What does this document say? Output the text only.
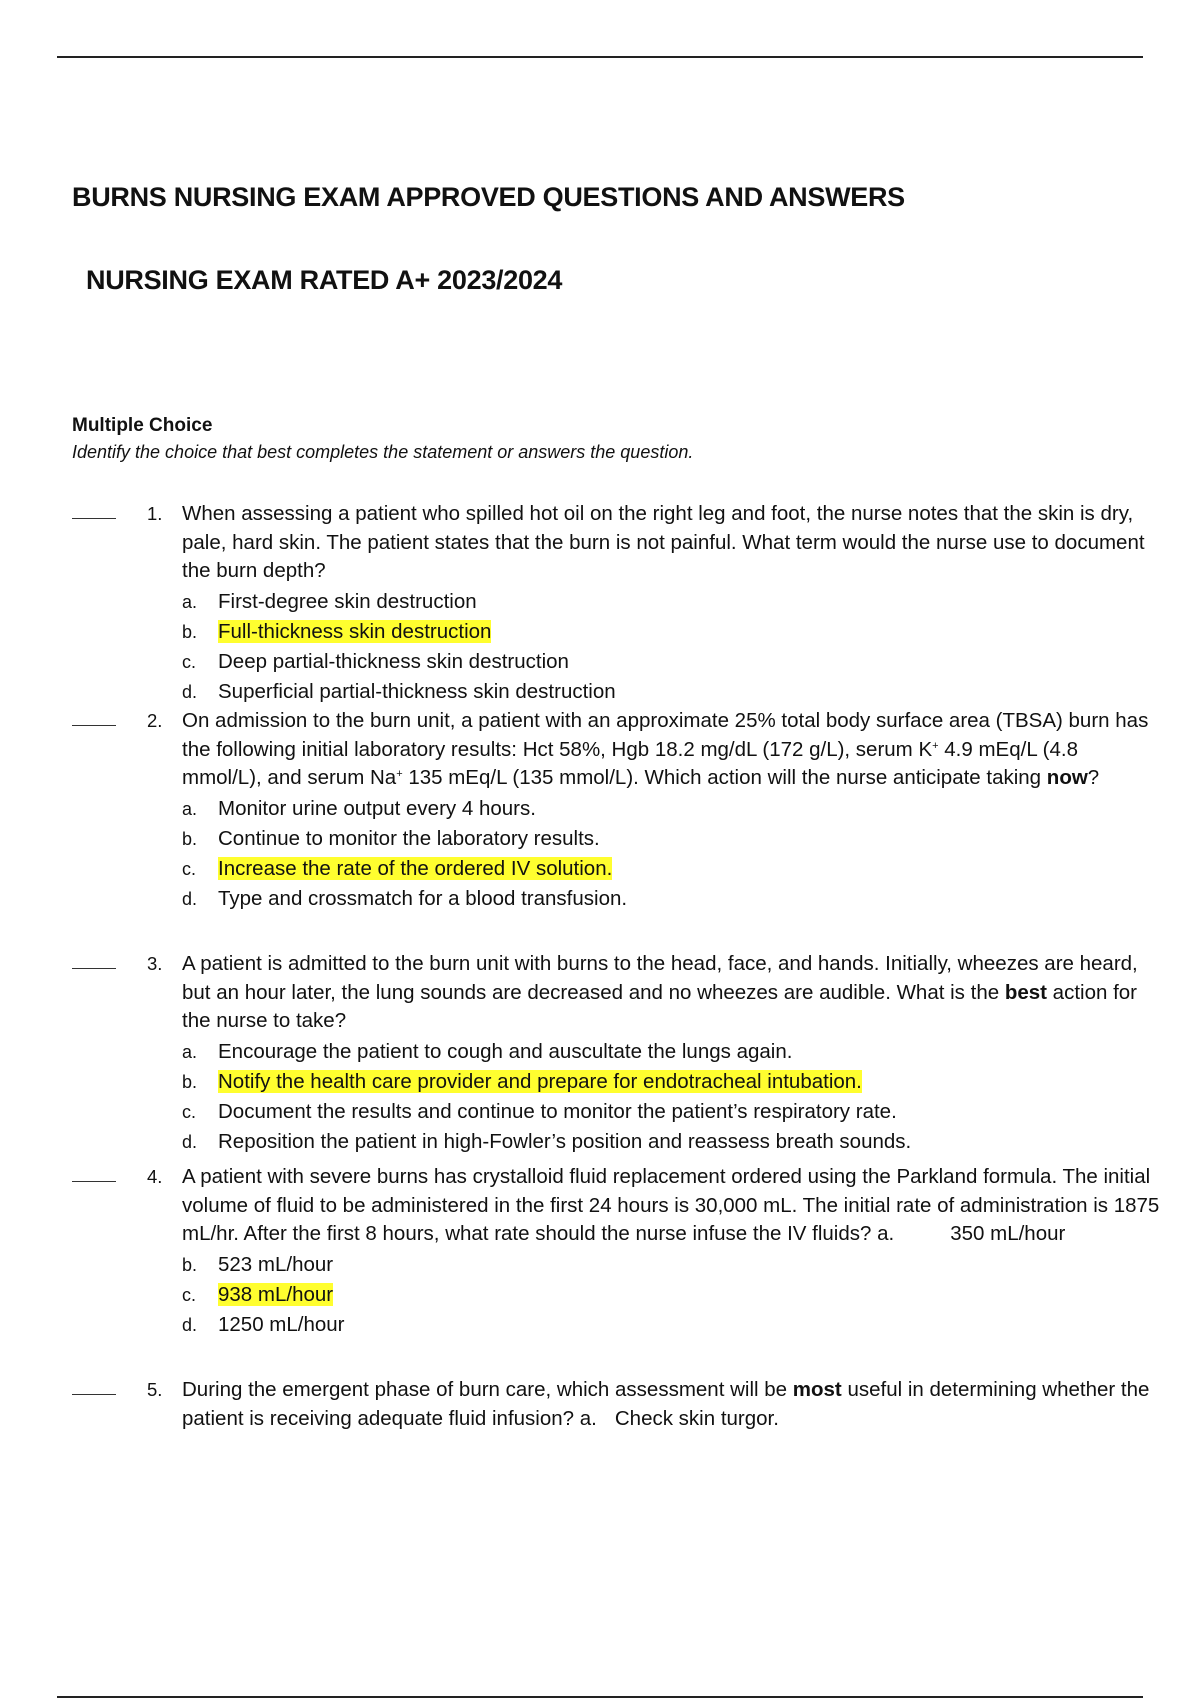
BURNS NURSING EXAM APPROVED QUESTIONS AND ANSWERS
NURSING EXAM RATED A+ 2023/2024

Multiple Choice

Identify the choice that best completes the statement or answers the question.

1. When assessing a patient who spilled hot oil on the right leg and foot, the nurse notes that the skin is dry, pale, hard skin. The patient states that the burn is not painful. What term would the nurse use to document the burn depth?
a. First-degree skin destruction
b. Full-thickness skin destruction
c. Deep partial-thickness skin destruction
d. Superficial partial-thickness skin destruction
2. On admission to the burn unit, a patient with an approximate 25% total body surface area (TBSA) burn has the following initial laboratory results: Hct 58%, Hgb 18.2 mg/dL (172 g/L), serum K+ 4.9 mEq/L (4.8 mmol/L), and serum Na+ 135 mEq/L (135 mmol/L). Which action will the nurse anticipate taking now?
a. Monitor urine output every 4 hours.
b. Continue to monitor the laboratory results.
c. Increase the rate of the ordered IV solution.
d. Type and crossmatch for a blood transfusion.
3. A patient is admitted to the burn unit with burns to the head, face, and hands. Initially, wheezes are heard, but an hour later, the lung sounds are decreased and no wheezes are audible. What is the best action for the nurse to take?
a. Encourage the patient to cough and auscultate the lungs again.
b. Notify the health care provider and prepare for endotracheal intubation.
c. Document the results and continue to monitor the patient’s respiratory rate.
d. Reposition the patient in high-Fowler’s position and reassess breath sounds.
4. A patient with severe burns has crystalloid fluid replacement ordered using the Parkland formula. The initial volume of fluid to be administered in the first 24 hours is 30,000 mL. The initial rate of administration is 1875 mL/hr. After the first 8 hours, what rate should the nurse infuse the IV fluids? a.	350 mL/hour
b. 523 mL/hour
c. 938 mL/hour
d. 1250 mL/hour
5. During the emergent phase of burn care, which assessment will be most useful in determining whether the patient is receiving adequate fluid infusion? a. Check skin turgor.
